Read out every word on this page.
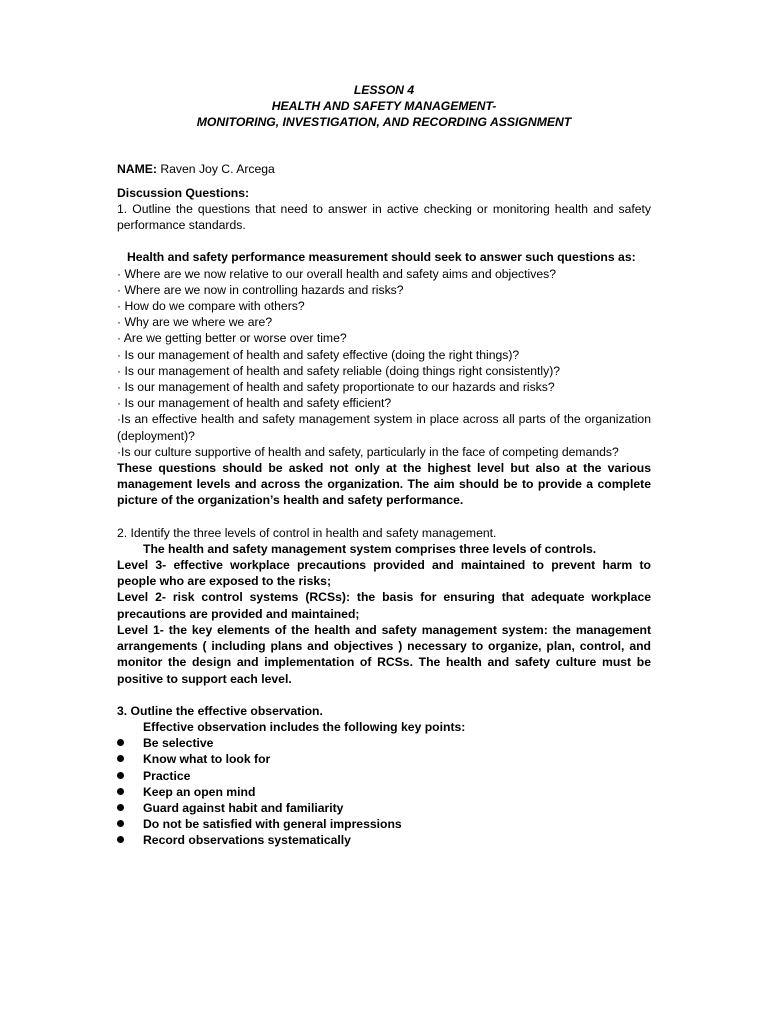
LESSON 4

HEALTH AND SAFETY MANAGEMENT-

MONITORING, INVESTIGATION, AND RECORDING ASSIGNMENT

NAME: Raven Joy C. Arcega

Discussion Questions:

1. Outline the questions that need to answer in active checking or monitoring health and safety performance standards.

Health and safety performance measurement should seek to answer such questions as:

· Where are we now relative to our overall health and safety aims and objectives?

· Where are we now in controlling hazards and risks?

· How do we compare with others?

· Why are we where we are?

· Are we getting better or worse over time?

· Is our management of health and safety effective (doing the right things)?

· Is our management of health and safety reliable (doing things right consistently)?

· Is our management of health and safety proportionate to our hazards and risks?

· Is our management of health and safety efficient?

·Is an effective health and safety management system in place across all parts of the organization (deployment)?

·Is our culture supportive of health and safety, particularly in the face of competing demands?

These questions should be asked not only at the highest level but also at the various management levels and across the organization. The aim should be to provide a complete picture of the organization’s health and safety performance.

2. Identify the three levels of control in health and safety management.

The health and safety management system comprises three levels of controls.

Level 3- effective workplace precautions provided and maintained to prevent harm to people who are exposed to the risks;

Level 2- risk control systems (RCSs): the basis for ensuring that adequate workplace precautions are provided and maintained;

Level 1- the key elements of the health and safety management system: the management arrangements ( including plans and objectives ) necessary to organize, plan, control, and monitor the design and implementation of RCSs. The health and safety culture must be positive to support each level.

3. Outline the effective observation.

Effective observation includes the following key points:

Be selective
Know what to look for
Practice
Keep an open mind
Guard against habit and familiarity
Do not be satisfied with general impressions
Record observations systematically
